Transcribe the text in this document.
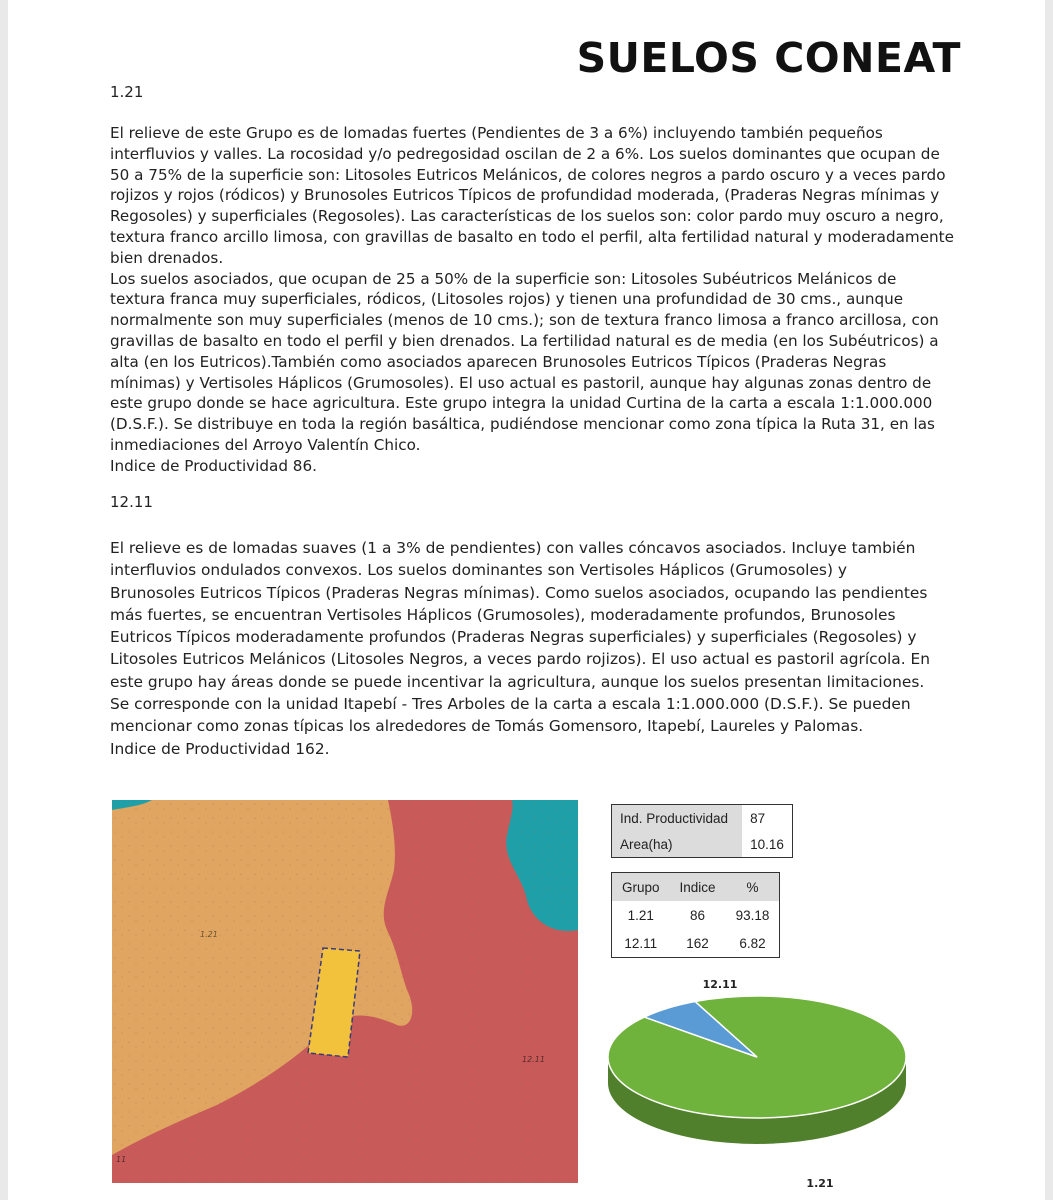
SUELOS CONEAT
1.21

El relieve de este Grupo es de lomadas fuertes (Pendientes de 3 a 6%) incluyendo también pequeños interfluvios y valles. La rocosidad y/o pedregosidad oscilan de 2 a 6%. Los suelos dominantes que ocupan de 50 a 75% de la superficie son: Litosoles Eutricos Melánicos, de colores negros a pardo oscuro y a veces pardo rojizos y rojos (ródicos) y Brunosoles Eutricos Típicos de profundidad moderada, (Praderas Negras mínimas y Regosoles) y superficiales (Regosoles). Las características de los suelos son: color pardo muy oscuro a negro, textura franco arcillo limosa, con gravillas de basalto en todo el perfil, alta fertilidad natural y moderadamente bien drenados.

Los suelos asociados, que ocupan de 25 a 50% de la superficie son: Litosoles Subéutricos Melánicos de textura franca muy superficiales, ródicos, (Litosoles rojos) y tienen una profundidad de 30 cms., aunque normalmente son muy superficiales (menos de 10 cms.); son de textura franco limosa a franco arcillosa, con gravillas de basalto en todo el perfil y bien drenados. La fertilidad natural es de media (en los Subéutricos) a alta (en los Eutricos).También como asociados aparecen Brunosoles Eutricos Típicos (Praderas Negras mínimas) y Vertisoles Háplicos (Grumosoles). El uso actual es pastoril, aunque hay algunas zonas dentro de este grupo donde se hace agricultura. Este grupo integra la unidad Curtina de la carta a escala 1:1.000.000 (D.S.F.). Se distribuye en toda la región basáltica, pudiéndose mencionar como zona típica la Ruta 31, en las inmediaciones del Arroyo Valentín Chico.

Indice de Productividad 86.

12.11

El relieve es de lomadas suaves (1 a 3% de pendientes) con valles cóncavos asociados. Incluye también interfluvios ondulados convexos. Los suelos dominantes son Vertisoles Háplicos (Grumosoles) y Brunosoles Eutricos Típicos (Praderas Negras mínimas). Como suelos asociados, ocupando las pendientes más fuertes, se encuentran Vertisoles Háplicos (Grumosoles), moderadamente profundos, Brunosoles Eutricos Típicos moderadamente profundos (Praderas Negras superficiales) y superficiales (Regosoles) y Litosoles Eutricos Melánicos (Litosoles Negros, a veces pardo rojizos). El uso actual es pastoril agrícola. En este grupo hay áreas donde se puede incentivar la agricultura, aunque los suelos presentan limitaciones. Se corresponde con la unidad Itapebí - Tres Arboles de la carta a escala 1:1.000.000 (D.S.F.). Se pueden mencionar como zonas típicas los alrededores de Tomás Gomensoro, Itapebí, Laureles y Palomas.

Indice de Productividad 162.

1.21
12.11
11
Ind. Productividad	87
Area(ha)	10.16
Grupo	Indice	%
1.21	86	93.18
12.11	162	6.82
12.11
1.21
